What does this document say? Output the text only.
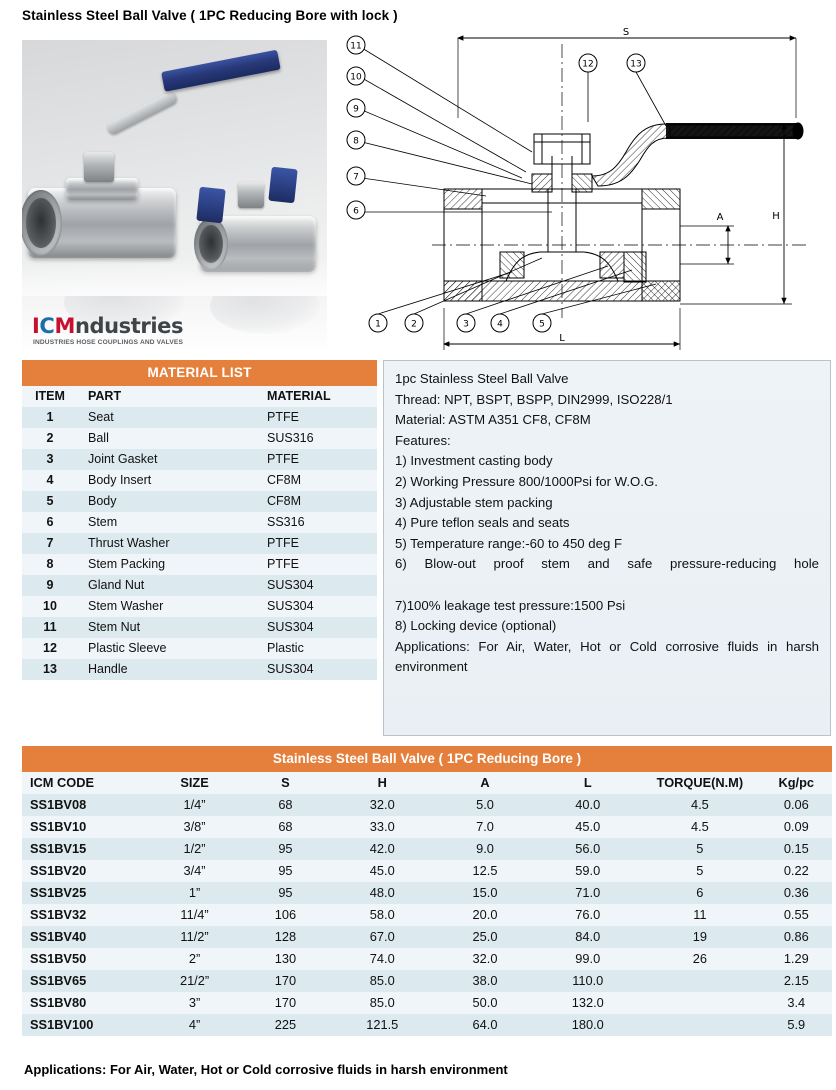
Stainless Steel Ball Valve ( 1PC Reducing Bore with lock )
ICMndustries
INDUSTRIES HOSE COUPLINGS AND VALVES
11
10
9
8
7
6
1	2	3	4	5
12	13
S
H
A
L
MATERIAL LIST
ITEM	PART	MATERIAL
1	Seat	PTFE
2	Ball	SUS316
3	Joint Gasket	PTFE
4	Body Insert	CF8M
5	Body	CF8M
6	Stem	SS316
7	Thrust Washer	PTFE
8	Stem Packing	PTFE
9	Gland Nut	SUS304
10	Stem Washer	SUS304
11	Stem Nut	SUS304
12	Plastic Sleeve	Plastic
13	Handle	SUS304

1pc Stainless Steel Ball Valve

Thread: NPT, BSPT, BSPP, DIN2999, ISO228/1

Material: ASTM A351 CF8, CF8M

Features:

1) Investment casting body

2) Working Pressure 800/1000Psi for W.O.G.

3) Adjustable stem packing

4) Pure teflon seals and seats

5) Temperature range:-60 to 450 deg F

6) Blow-out proof stem and safe pressure-reducing hole

7)100% leakage test pressure:1500 Psi

8) Locking device (optional)

Applications: For Air, Water, Hot or Cold corrosive fluids in harsh environment

Stainless Steel Ball Valve ( 1PC Reducing Bore )
ICM CODE	SIZE	S	H	A	L	TORQUE(N.M)	Kg/pc
SS1BV08	1/4”	68	32.0	5.0	40.0	4.5	0.06
SS1BV10	3/8”	68	33.0	7.0	45.0	4.5	0.09
SS1BV15	1/2”	95	42.0	9.0	56.0	5	0.15
SS1BV20	3/4”	95	45.0	12.5	59.0	5	0.22
SS1BV25	1”	95	48.0	15.0	71.0	6	0.36
SS1BV32	11/4”	106	58.0	20.0	76.0	11	0.55
SS1BV40	11/2”	128	67.0	25.0	84.0	19	0.86
SS1BV50	2”	130	74.0	32.0	99.0	26	1.29
SS1BV65	21/2”	170	85.0	38.0	110.0		2.15
SS1BV80	3”	170	85.0	50.0	132.0		3.4
SS1BV100	4”	225	121.5	64.0	180.0		5.9
Applications: For Air, Water, Hot or Cold corrosive fluids in harsh environment
